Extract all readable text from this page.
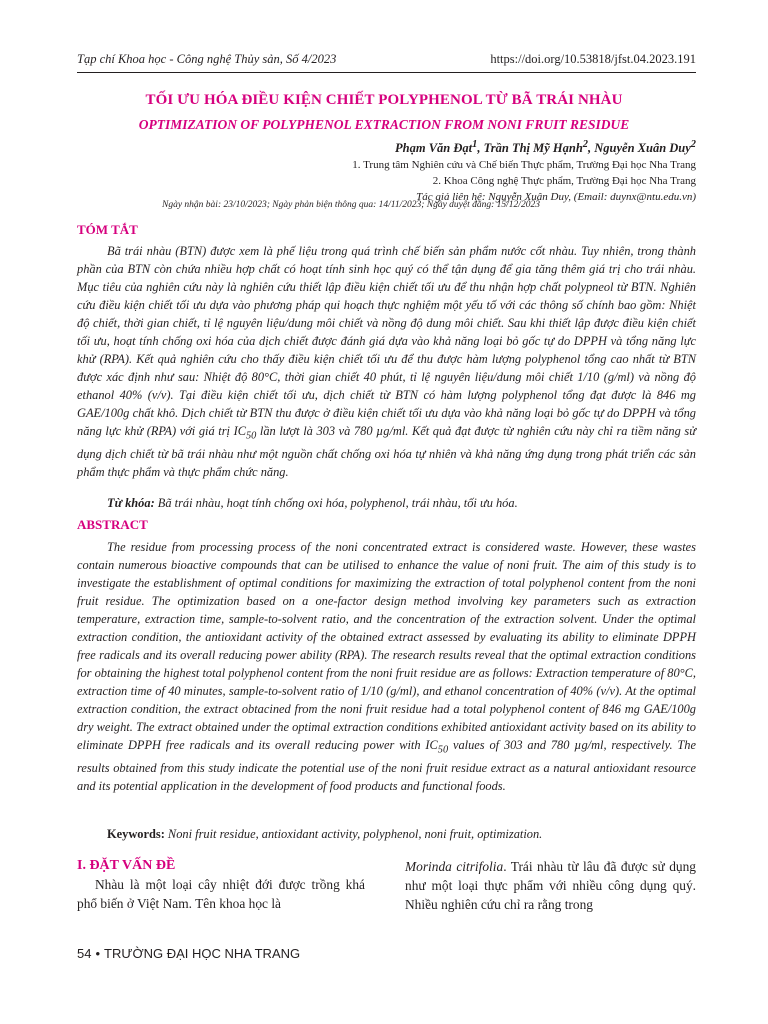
Tạp chí Khoa học - Công nghệ Thủy sản, Số 4/2023	https://doi.org/10.53818/jfst.04.2023.191
TỐI ƯU HÓA ĐIỀU KIỆN CHIẾT POLYPHENOL TỪ BÃ TRÁI NHÀU
OPTIMIZATION OF POLYPHENOL EXTRACTION FROM NONI FRUIT RESIDUE
Phạm Văn Đạt$^1$, Trần Thị Mỹ Hạnh$^2$, Nguyễn Xuân Duy$^2$
1. Trung tâm Nghiên cứu và Chế biến Thực phẩm, Trường Đại học Nha Trang
2. Khoa Công nghệ Thực phẩm, Trường Đại học Nha Trang
Tác giả liên hệ: Nguyễn Xuân Duy, (Email: duynx@ntu.edu.vn)
Ngày nhận bài: 23/10/2023; Ngày phản biện thông qua: 14/11/2023; Ngày duyệt đăng: 15/12/2023
TÓM TẮT
Bã trái nhàu (BTN) được xem là phế liệu trong quá trình chế biến sản phẩm nước cốt nhàu. Tuy nhiên, trong thành phần của BTN còn chứa nhiều hợp chất có hoạt tính sinh học quý có thể tận dụng để gia tăng thêm giá trị cho trái nhàu. Mục tiêu của nghiên cứu này là nghiên cứu thiết lập điều kiện chiết tối ưu để thu nhận hợp chất polypneol từ BTN. Nghiên cứu điều kiện chiết tối ưu dựa vào phương pháp qui hoạch thực nghiệm một yếu tố với các thông số chính bao gồm: Nhiệt độ chiết, thời gian chiết, tỉ lệ nguyên liệu/dung môi chiết và nồng độ dung môi chiết. Sau khi thiết lập được điều kiện chiết tối ưu, hoạt tính chống oxi hóa của dịch chiết được đánh giá dựa vào khả năng loại bỏ gốc tự do DPPH và tổng năng lực khử (RPA). Kết quả nghiên cứu cho thấy điều kiện chiết tối ưu để thu được hàm lượng polyphenol tổng cao nhất từ BTN được xác định như sau: Nhiệt độ 80°C, thời gian chiết 40 phút, tỉ lệ nguyên liệu/dung môi chiết 1/10 (g/ml) và nồng độ ethanol 40% (v/v). Tại điều kiện chiết tối ưu, dịch chiết từ BTN có hàm lượng polyphenol tổng đạt được là 846 mg GAE/100g chất khô. Dịch chiết từ BTN thu được ở điều kiện chiết tối ưu dựa vào khả năng loại bỏ gốc tự do DPPH và tổng năng lực khử (RPA) với giá trị $IC_{50}$ lần lượt là 303 và 780 µg/ml. Kết quả đạt được từ nghiên cứu này chỉ ra tiềm năng sử dụng dịch chiết từ bã trái nhàu như một nguồn chất chống oxi hóa tự nhiên và khả năng ứng dụng trong phát triển các sản phẩm thực phẩm và thực phẩm chức năng.
Từ khóa: Bã trái nhàu, hoạt tính chống oxi hóa, polyphenol, trái nhàu, tối ưu hóa.
ABSTRACT
The residue from processing process of the noni concentrated extract is considered waste. However, these wastes contain numerous bioactive compounds that can be utilised to enhance the value of noni fruit. The aim of this study is to investigate the establishment of optimal conditions for maximizing the extraction of total polyphenol content from the noni fruit residue. The optimization based on a one-factor design method involving key parameters such as extraction temperature, extraction time, sample-to-solvent ratio, and the concentration of the extraction solvent. Under the optimal extraction condition, the antioxidant activity of the obtained extract assessed by evaluating its ability to eliminate DPPH free radicals and its overall reducing power ability (RPA). The research results reveal that the optimal extraction conditions for obtaining the highest total polyphenol content from the noni fruit residue are as follows: Extraction temperature of 80°C, extraction time of 40 minutes, sample-to-solvent ratio of 1/10 (g/ml), and ethanol concentration of 40% (v/v). At the optimal extraction condition, the extract obtacined from the noni fruit residue had a total polyphenol content of 846 mg GAE/100g dry weight. The extract obtained under the optimal extraction conditions exhibited antioxidant activity based on its ability to eliminate DPPH free radicals and its overall reducing power with $IC_{50}$ values of 303 and 780 µg/ml, respectively. The results obtained from this study indicate the potential use of the noni fruit residue extract as a natural antioxidant resource and its potential application in the development of food products and functional foods.
Keywords: Noni fruit residue, antioxidant activity, polyphenol, noni fruit, optimization.
I. ĐẶT VẤN ĐỀ
Nhàu là một loại cây nhiệt đới được trồng khá phổ biến ở Việt Nam. Tên khoa học là
Morinda citrifolia. Trái nhàu từ lâu đã được sử dụng như một loại thực phẩm với nhiều công dụng quý. Nhiều nghiên cứu chỉ ra rằng trong
54 • TRƯỜNG ĐẠI HỌC NHA TRANG
